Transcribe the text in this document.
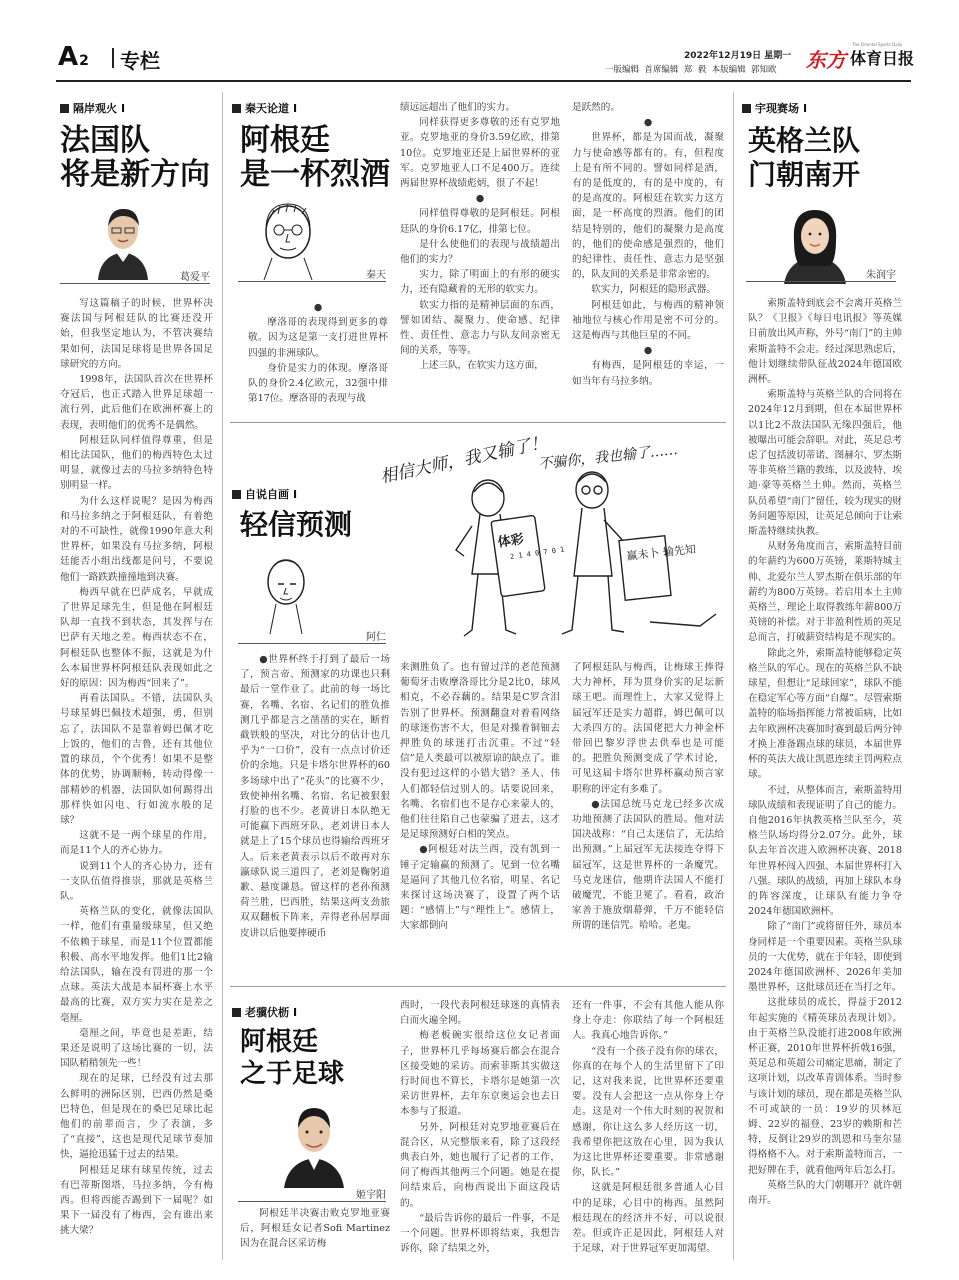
A 2 专栏	2022年12月19日 星期一
一版编辑  首席编辑  郑  毅  本版编辑  郭知欧 东方 体育日报
The Oriental Sports Daily
隔岸观火 I
法国队
将是新方向
葛爱平

写这篇稿子的时候，世界杯决赛法国与阿根廷队的比赛还没开始，但我坚定地认为，不管决赛结果如何，法国足球将是世界各国足球研究的方向。

1998年，法国队首次在世界杯夺冠后，也正式踏入世界足球超一流行列，此后他们在欧洲杯赛上的表现，表明他们的优秀不是偶然。

阿根廷队同样值得尊重，但是相比法国队，他们的梅西特色太过明显，就像过去的马拉多纳特色特别明显一样。

为什么这样说呢？是因为梅西和马拉多纳之于阿根廷队，有着绝对的不可缺性，就像1990年意大利世界杯，如果没有马拉多纳，阿根廷能否小组出线都是问号，不要说他们一路跌跌撞撞地到决赛。

梅西早就在巴萨成名，早就成了世界足球先生，但是他在阿根廷队却一直找不到状态，其发挥与在巴萨有天地之差。梅西状态不在，阿根廷队也整体不振，这就是为什么本届世界杯阿根廷队表现如此之好的原因：因为梅西“回来了”。

再看法国队。不错，法国队头号球星姆巴佩技术超强，勇，但别忘了，法国队不是靠着姆巴佩才吃上饭的，他们的吉鲁，还有其他位置的球员，个个优秀！如果不是整体的优势，协调顺畅，转动得像一部精妙的机器，法国队如何踢得出那样快如闪电、行如流水般的足球？

这就不是一两个球星的作用，而是11个人的齐心协力。

说到11个人的齐心协力，还有一支队伍值得推崇，那就是英格兰队。

英格兰队的变化，就像法国队一样，他们有重量级球星，但又绝不依赖于球星，而是11个位置都能积极、高水平地发挥。他们1比2输给法国队，输在没有罚进的那一个点球。英法大战是本届杯赛上水平最高的比赛，双方实力实在是差之毫厘。

毫厘之间，毕竟也是差距，结果还是说明了这场比赛的一切，法国队稍稍领先一些！

现在的足球，已经没有过去那么鲜明的洲际区别，巴西仍然是桑巴特色，但是现在的桑巴足球比起他们的前辈而言，少了表演，多了“直接”，这也是现代足球节奏加快，逼抢迅猛于过去的结果。

阿根廷足球有球星传统，过去有巴蒂斯图塔、马拉多纳，今有梅西。但将西能否踢到下一届呢？如果下一届没有了梅西，会有谁出来挑大梁？

秦天论道 I
阿根廷
是一杯烈酒
秦天

●

摩洛哥的表现得到更多的尊敬。因为这是第一支打进世界杯四强的非洲球队。

身价是实力的体现。摩洛哥队的身价2.4亿欧元，32强中排第17位。摩洛哥的表现与战

绩远远超出了他们的实力。

同样获得更多尊敬的还有克罗地亚。克罗地亚的身价3.59亿欧，排第10位。克罗地亚还是上届世界杯的亚军。克罗地亚人口不足400万。连续两届世界杯战绩彪炳，很了不起！

●

同样值得尊敬的是阿根廷。阿根廷队的身价6.17亿，排第七位。

是什么使他们的表现与战绩超出他们的实力？

实力，除了明面上的有形的硬实力，还有隐藏着的无形的软实力。

软实力指的是精神层面的东西，譬如团结、凝聚力、使命感、纪律性、责任性、意志力与队友间亲密无间的关系，等等。

上述三队，在软实力这方面，

是跃然的。

●

世界杯，都是为国而战，凝聚力与使命感等都有的。有，但程度上是有所不同的。譬如同样是酒，有的是低度的，有的是中度的，有的是高度的。阿根廷在软实力这方面，是一杯高度的烈酒。他们的团结是特别的，他们的凝聚力是高度的，他们的使命感是强烈的，他们的纪律性、责任性、意志力是坚强的，队友间的关系是非常亲密的。

软实力，阿根廷的隐形武器。

阿根廷如此，与梅西的精神领袖地位与核心作用是密不可分的。这是梅西与其他巨星的不同。

●

有梅西，是阿根廷的幸运，一如当年有马拉多纳。

体彩
2 1 4 0 7 0 1	赢未卜 输先知
相信大师，我又输了！
不骗你，我也输了……
自说自画 I
轻信预测
阿仁

●世界杯终于打到了最后一场了，预言帝、预测家的功课也只剩最后一堂作业了。此前的每一场比赛，名嘴、名宿、名记们的胜负推测几乎都是言之凿凿的实在，断哲截铁般的坚决，对比分的估计也几乎为“一口价”，没有一点点讨价还价的余地。只是卡塔尔世界杯的60多场球中出了“花头”的比赛不少，致使神州名嘴、名宿、名记被狠狠打脸的也不少。老黄讲日本队绝无可能赢下西班牙队，老刘讲日本人就是上了15个球员也得输给西班牙人。后来老黄表示以后不敢再对东瀛球队说三道四了，老刘是鞠躬道歉、悬度谦恳。留这样的老孙预测荷兰胜，巴西胜，结果这两支劲旅双双翻板下阵来，弄得老孙居厚面皮讲以后他要摔硬币

来测胜负了。也有留过洋的老范预测葡萄牙击败摩洛哥比分是2比0，球风相克，不必吞藕的。结果是C罗含泪告别了世界杯。预测翻盘对着看网络的球迷伤害不大，但是对操着铜钿去押胜负的球迷打击沉重。不过“轻信”是人类最可以被原谅的缺点了。谁没有犯过这样的小错大错？圣人、伟人们都轻信过别人的。话要说回来，名嘴、名宿们也不是存心来蒙人的，他们往往陷自己也蒙骗了进去，这才是足球预测好白相的笑点。

●阿根廷对法兰西，没有凯到一锤子定输赢的预测了。见到一位名嘴是逼问了其他几位名宿，明星、名记来探讨这场决赛了，设置了两个话题：“感情上”与“理性上”。感情上，大家都倒向

了阿根廷队与梅西，让梅球王捧得大力神杯，拜为贯身价实的足坛新球王吧。而理性上，大家又觉得上届冠军还是实力超群，姆巴佩可以大杀四方的。法国佬把大力神金杯带回巴黎岁浮世去供奉也是可能的。把胜负预测变成了学术讨论，可见这届卡塔尔世界杯赢动预言家职称的评定有多难了。

●法国总统马克龙已经多次成功地预测了法国队的胜局。他对法国决战称：“自己太迷信了，无法给出预测。”上届冠军无法接连夺得下届冠军，这是世界杯的一条魔咒。马克龙迷信，他期许法国人不能打破魔咒，不能卫冕了。看看，政治家善于施放烟幕弹，千万不能轻信所谓的迷信咒。哈哈。老鬼。

老骥伏枥 I
阿根廷
之于足球
姬宇阳

阿根廷半决赛击败克罗地亚赛后，阿根廷女记者Sofi Martinez因为在混合区采访梅

西时，一段代表阿根廷球迷的真情表白而火遍全网。

梅老板碗实很给这位女记者面子，世界杯几乎每场赛后都会在混合区接受她的采访。而索菲斯其实做这行时间也不算长，卡塔尔是她第一次采访世界杯，去年东京奥运会也去日本参与了报道。

另外，阿根廷对克罗地亚赛后在混合区，从完整版来看，除了这段经典表白外，她也履行了记者的工作，问了梅西其他两三个问题。她是在提问结束后，向梅西说出下面这段话的。

“最后告诉你的最后一件事，不是一个问题。世界杯即将结束，我想告诉你，除了结果之外，

还有一件事，不会有其他人能从你身上夺走：你联结了每一个阿根廷人。我真心地告诉你。”

“没有一个孩子没有你的球衣，你真的在每个人的生活里留下了印记，这对我来说，比世界杯还要重要。没有人会把这一点从你身上夺走。这是对一个伟大时刻的祝贺和感谢，你让这么多人经历这一切，我希望你把这放在心里，因为我认为这比世界杯还要重要。非常感谢你，队长。”

这就是阿根廷很多普通人心目中的足球，心目中的梅西。虽然阿根廷现在的经济并不好，可以说很差。但或许正是因此，阿根廷人对于足球，对于世界冠军更加渴望。

宇现赛场 I
英格兰队
门朝南开
朱润宇

索斯盖特到底会不会离开英格兰队？《卫报》《每日电讯报》等英媒日前放出风声称，外号“南门”的主帅索斯盖特不会走。经过深思熟虑后，他计划继续带队征战2024年德国欧洲杯。

索斯盖特与英格兰队的合同将在2024年12月到期，但在本届世界杯以1比2不敌法国队无缘四强后，他被曝出可能会辞职。对此，英足总考虑了包括波切蒂诺、图赫尔、罗杰斯等非英格兰籍的教练，以及波特、埃迪·豪等英格兰土帅。然而，英格兰队员希望“南门”留任，较为现实的财务问题等原因，让英足总倾向于让索斯盖特继续执教。

从财务角度而言，索斯盖特目前的年薪约为600万英镑，莱斯特城主帅、北爱尔兰人罗杰斯在俱乐部的年薪约为800万英镑。若启用本土主帅英格兰，理论上取得教练年薪800万英镑的补偿。对于非盈利性质的英足总而言，打破薪资结构是不现实的。

除此之外，索斯盖特能够稳定英格兰队的军心。现在的英格兰队不缺球星，但想让“足球回家”，球队不能在稳定军心等方面“自爆”。尽管索斯盖特的临场指挥能力常被诟病，比如去年欧洲杯决赛加时赛到最后两分钟才换上准备踢点球的球员，本届世界杯的英法大战让凯恩连续主罚两粒点球。

不过，从整体而言，索斯盖特用球队成绩和表现证明了自己的能力。自他2016年执教英格兰队至今，英格兰队场均得分2.07分。此外，球队去年首次进入欧洲杯决赛、2018年世界杯闯入四强、本届世界杯打入八强。球队的战绩，再加上球队本身的阵容深度，让球队有能力争夺2024年德国欧洲杯。

除了“南门”或将留任外，球员本身同样是一个重要因素。英格兰队球员的一大优势，就在于年轻，即使到2024年德国欧洲杯、2026年美加墨世界杯，这批球员还在当打之年。

这批球员的成长，得益于2012年起实施的《精英球员表现计划》。由于英格兰队没能打进2008年欧洲杯正赛，2010年世界杯折戟16强，英足总和英超公司痛定思痛，制定了这项计划，以改革青训体系。当时参与该计划的球员，现在都是英格兰队不可或缺的一员：19岁的贝林厄姆、22岁的福登、23岁的赖斯和芒特，反倒让29岁的凯恩和马奎尔显得格格不入。对于索斯盖特而言，一把好牌在手，就看他两年后怎么打。

英格兰队的大门朝哪开？就许朝南开。
